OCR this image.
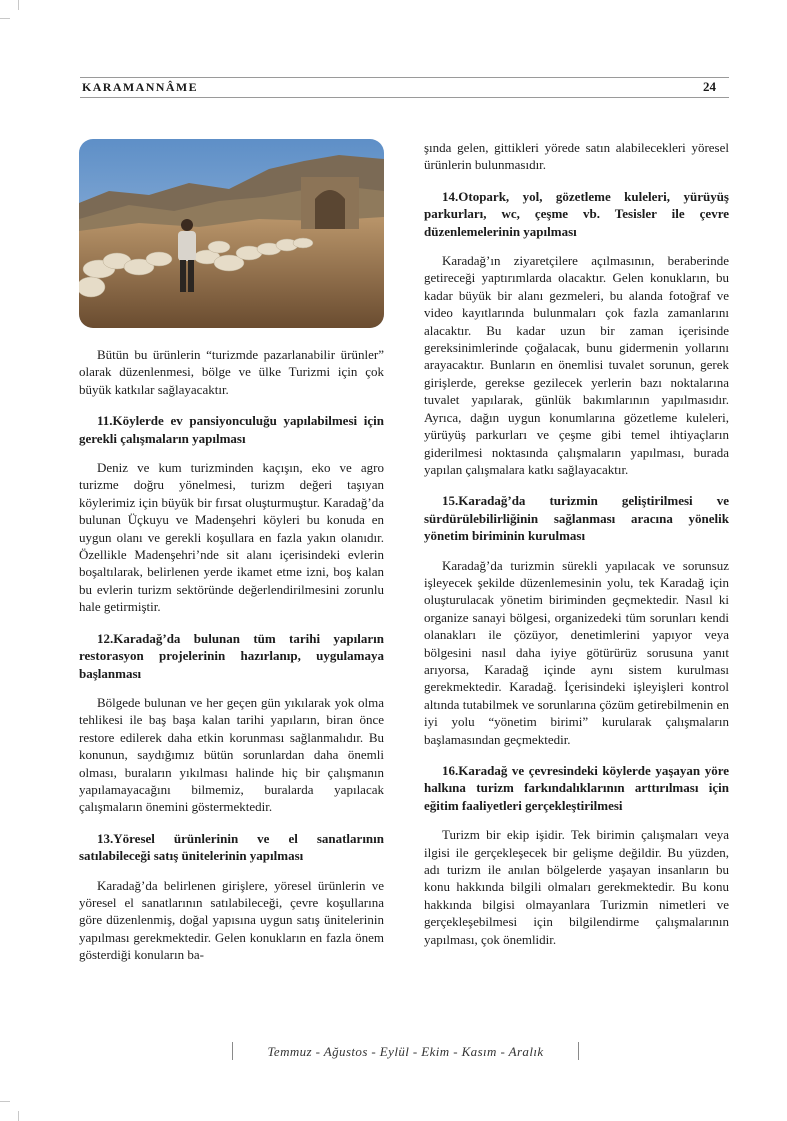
KARAMANNÂME	24

Bütün bu ürünlerin “turizmde pazarlanabilir ürünler” olarak düzenlenmesi, bölge ve ülke Turizmi için çok büyük katkılar sağlayacaktır.

11.Köylerde ev pansiyonculuğu yapılabilmesi için gerekli çalışmaların yapılması

Deniz ve kum turizminden kaçışın, eko ve agro turizme doğru yönelmesi, turizm değeri taşıyan köylerimiz için büyük bir fırsat oluşturmuştur. Karadağ’da bulunan Üçkuyu ve Madenşehri köyleri bu konuda en uygun olanı ve gerekli koşullara en fazla yakın olanıdır. Özellikle Madenşehri’nde sit alanı içerisindeki evlerin boşaltılarak, belirlenen yerde ikamet etme izni, boş kalan bu evlerin turizm sektöründe değerlendirilmesini zorunlu hale getirmiştir.

12.Karadağ’da bulunan tüm tarihi yapıların restorasyon projelerinin hazırlanıp, uygulamaya başlanması

Bölgede bulunan ve her geçen gün yıkılarak yok olma tehlikesi ile baş başa kalan tarihi yapıların, biran önce restore edilerek daha etkin korunması sağlanmalıdır. Bu konunun, saydığımız bütün sorunlardan daha önemli olması, buraların yıkılması halinde hiç bir çalışmanın yapılamayacağını bilmemiz, buralarda yapılacak çalışmaların önemini göstermektedir.

13.Yöresel ürünlerinin ve el sanatlarının satılabileceği satış ünitelerinin yapılması

Karadağ’da belirlenen girişlere, yöresel ürünlerin ve yöresel el sanatlarının satılabileceği, çevre koşullarına göre düzenlenmiş, doğal yapısına uygun satış ünitelerinin yapılması gerekmektedir. Gelen konukların en fazla önem gösterdiği konuların ba-

şında gelen, gittikleri yörede satın alabilecekleri yöresel ürünlerin bulunmasıdır.

14.Otopark, yol, gözetleme kuleleri, yürüyüş parkurları, wc, çeşme vb. Tesisler ile çevre düzenlemelerinin yapılması

Karadağ’ın ziyaretçilere açılmasının, beraberinde getireceği yaptırımlarda olacaktır. Gelen konukların, bu kadar büyük bir alanı gezmeleri, bu alanda fotoğraf ve video kayıtlarında bulunmaları çok fazla zamanlarını alacaktır. Bu kadar uzun bir zaman içerisinde gereksinimlerinde çoğalacak, bunu gidermenin yollarını arayacaktır. Bunların en önemlisi tuvalet sorunun, gerek girişlerde, gerekse gezilecek yerlerin bazı noktalarına tuvalet yapılarak, günlük bakımlarının yapılmasıdır. Ayrıca, dağın uygun konumlarına gözetleme kuleleri, yürüyüş parkurları ve çeşme gibi temel ihtiyaçların giderilmesi noktasında çalışmaların yapılması, burada yapılan çalışmalara katkı sağlayacaktır.

15.Karadağ’da turizmin geliştirilmesi ve sürdürülebilirliğinin sağlanması aracına yönelik yönetim biriminin kurulması

Karadağ’da turizmin sürekli yapılacak ve sorunsuz işleyecek şekilde düzenlemesinin yolu, tek Karadağ için oluşturulacak yönetim biriminden geçmektedir. Nasıl ki organize sanayi bölgesi, organizedeki tüm sorunları kendi olanakları ile çözüyor, denetimlerini yapıyor veya bölgesini nasıl daha iyiye götürürüz sorusuna yanıt arıyorsa, Karadağ içinde aynı sistem kurulması gerekmektedir. Karadağ. İçerisindeki işleyişleri kontrol altında tutabilmek ve sorunlarına çözüm getirebilmenin en iyi yolu “yönetim birimi” kurularak çalışmaların başlamasından geçmektedir.

16.Karadağ ve çevresindeki köylerde yaşayan yöre halkına turizm farkındalıklarının arttırılması için eğitim faaliyetleri gerçekleştirilmesi

Turizm bir ekip işidir. Tek birimin çalışmaları veya ilgisi ile gerçekleşecek bir gelişme değildir. Bu yüzden, adı turizm ile anılan bölgelerde yaşayan insanların bu konu hakkında bilgili olmaları gerekmektedir. Bu konu hakkında bilgisi olmayanlara Turizmin nimetleri ve gerçekleşebilmesi için bilgilendirme çalışmalarının yapılması, çok önemlidir.

Temmuz - Ağustos - Eylül - Ekim - Kasım - Aralık
